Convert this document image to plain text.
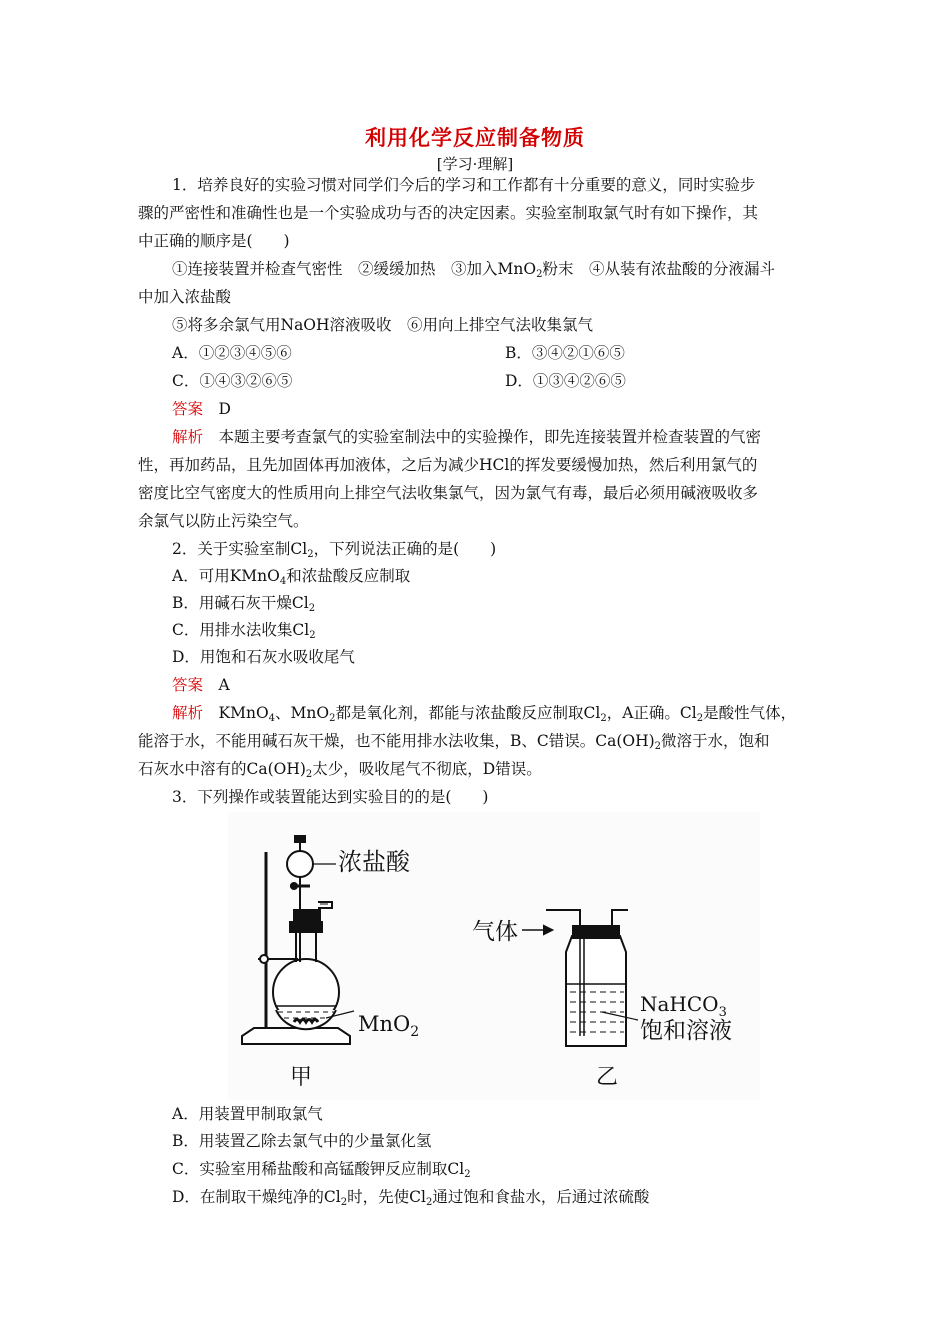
利用化学反应制备物质
[学习·理解]
1．培养良好的实验习惯对同学们今后的学习和工作都有十分重要的意义，同时实验步
骤的严密性和准确性也是一个实验成功与否的决定因素。实验室制取氯气时有如下操作，其
中正确的顺序是(　　)
①连接装置并检查气密性　②缓缓加热　③加入MnO$_2$粉末　④从装有浓盐酸的分液漏斗
中加入浓盐酸
⑤将多余氯气用NaOH溶液吸收　⑥用向上排空气法收集氯气
A．①②③④⑤⑥	B．③④②①⑥⑤
C．①④③②⑥⑤	D．①③④②⑥⑤
答案　 D
解析　 本题主要考查氯气的实验室制法中的实验操作，即先连接装置并检查装置的气密
性，再加药品，且先加固体再加液体，之后为减少HCl的挥发要缓慢加热，然后利用氯气的
密度比空气密度大的性质用向上排空气法收集氯气，因为氯气有毒，最后必须用碱液吸收多
余氯气以防止污染空气。
2．关于实验室制$Cl_2$，下列说法正确的是(　　)
A．可用KMnO$_4$和浓盐酸反应制取
B．用碱石灰干燥$Cl_2$
C．用排水法收集$Cl_2$
D．用饱和石灰水吸收尾气
答案　 A
解析　 KMnO$_4$、MnO$_2$都是氧化剂，都能与浓盐酸反应制取$Cl_2$，A正确。$Cl_2$是酸性气体，
能溶于水，不能用碱石灰干燥，也不能用排水法收集，B、C错误。$Ca(OH)_2$微溶于水，饱和
石灰水中溶有的$Ca(OH)_2$太少，吸收尾气不彻底，D错误。
3．下列操作或装置能达到实验目的的是(　　)
浓盐酸
MnO$_2$
甲
气体
NaHCO$_3$
饱和溶液
乙
A．用装置甲制取氯气
B．用装置乙除去氯气中的少量氯化氢
C．实验室用稀盐酸和高锰酸钾反应制取$Cl_2$
D．在制取干燥纯净的$Cl_2$时，先使$Cl_2$通过饱和食盐水，后通过浓硫酸
